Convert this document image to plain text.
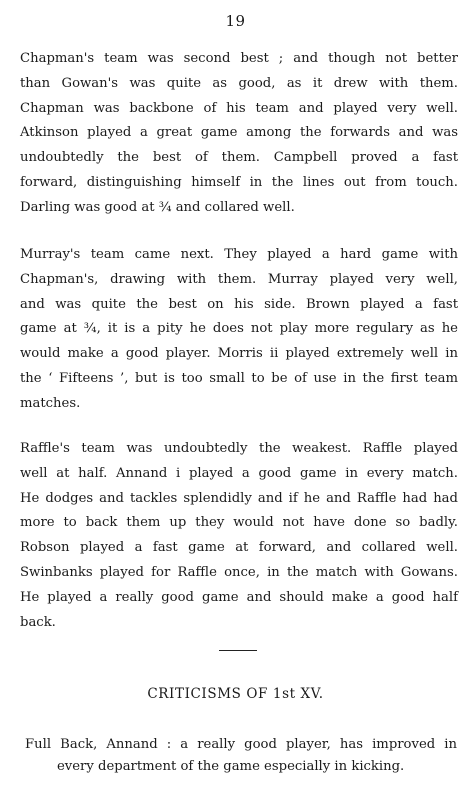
19
Chapman's team was second best ; and though not better
than Gowan's was quite as good, as it drew with them.
Chapman was backbone of his team and played very well.
Atkinson played a great game among the forwards and was
undoubtedly the best of them. Campbell proved a fast
forward, distinguishing himself in the lines out from touch.
Darling was good at ¾ and collared well.
Murray's team came next. They played a hard game with
Chapman's, drawing with them. Murray played very well,
and was quite the best on his side. Brown played a fast
game at ¾, it is a pity he does not play more regulary as he
would make a good player. Morris ii played extremely well in
the ‘ Fifteens ’, but is too small to be of use in the first team
matches.
Raffle's team was undoubtedly the weakest. Raffle played
well at half. Annand i played a good game in every match.
He dodges and tackles splendidly and if he and Raffle had had
more to back them up they would not have done so badly.
Robson played a fast game at forward, and collared well.
Swinbanks played for Raffle once, in the match with Gowans.
He played a really good game and should make a good half
back.
CRITICISMS OF 1st XV.
Full Back, Annand : a really good player, has improved in
every department of the game especially in kicking.
